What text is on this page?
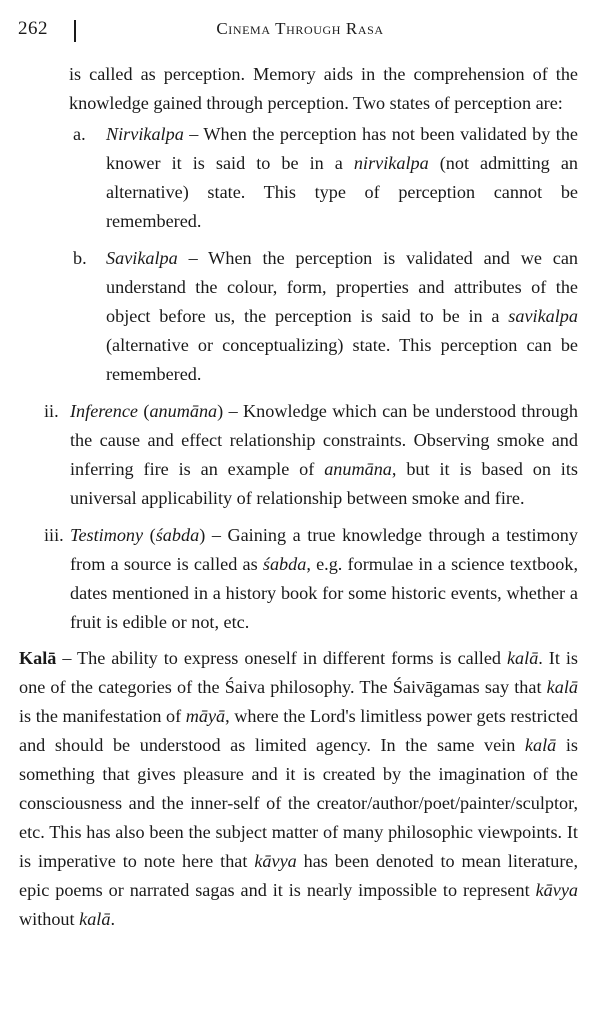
262	Cinema Through Rasa

is called as perception. Memory aids in the comprehension of the knowledge gained through perception. Two states of perception are:

a.	Nirvikalpa – When the perception has not been validated by the knower it is said to be in a nirvikalpa (not admitting an alternative) state. This type of perception cannot be remembered.
b.	Savikalpa – When the perception is validated and we can understand the colour, form, properties and attributes of the object before us, the perception is said to be in a savikalpa (alternative or conceptualizing) state. This perception can be remembered.
ii. Inference (anumāna) – Knowledge which can be understood through the cause and effect relationship constraints. Observing smoke and inferring fire is an example of anumāna, but it is based on its universal applicability of relationship between smoke and fire.
iii. Testimony (śabda) – Gaining a true knowledge through a testimony from a source is called as śabda, e.g. formulae in a science textbook, dates mentioned in a history book for some historic events, whether a fruit is edible or not, etc.

Kalā – The ability to express oneself in different forms is called kalā. It is one of the categories of the Śaiva philosophy. The Śaivāgamas say that kalā is the manifestation of māyā, where the Lord's limitless power gets restricted and should be understood as limited agency. In the same vein kalā is something that gives pleasure and it is created by the imagination of the consciousness and the inner-self of the creator/author/poet/painter/sculptor, etc. This has also been the subject matter of many philosophic viewpoints. It is imperative to note here that kāvya has been denoted to mean literature, epic poems or narrated sagas and it is nearly impossible to represent kāvya without kalā.
